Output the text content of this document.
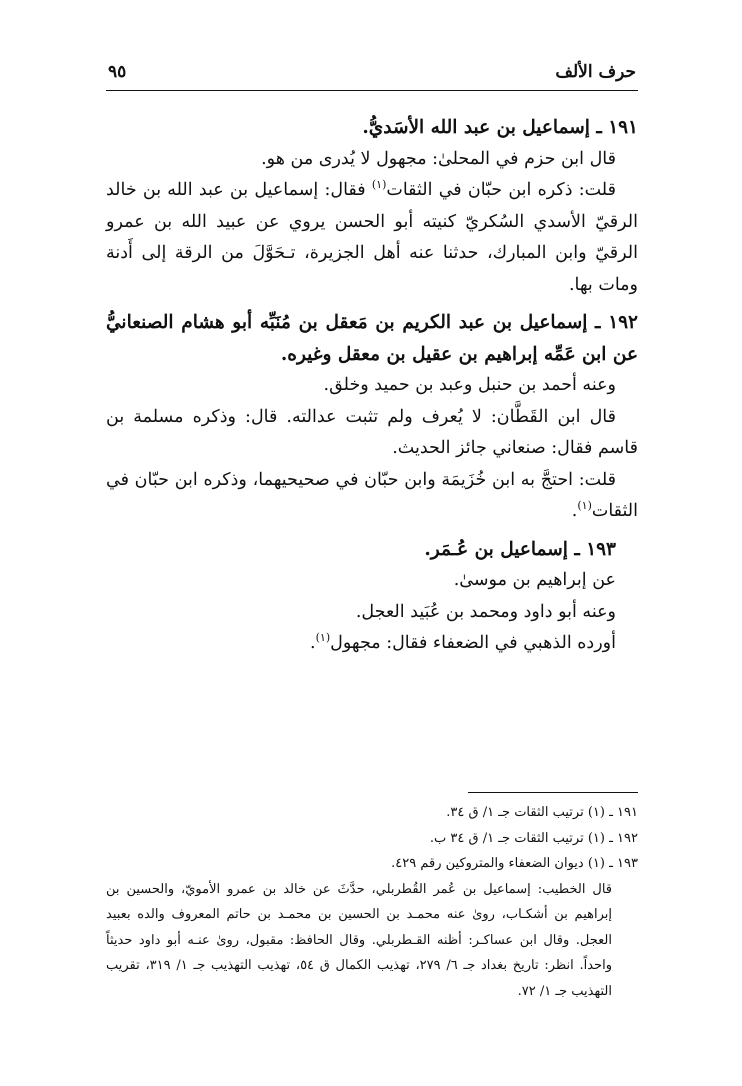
حرف الألف
٩٥

١٩١ ـ إسماعيل بن عبد الله الأسَديُّ.

قال ابن حزم في المحلىٰ: مجهول لا يُدرى من هو.

قلت: ذكره ابن حبّان في الثقات$^{(١)}$ فقال: إسماعيل بن عبد الله بن خالد الرقيّ الأسدي السُكريّ كنيته أبو الحسن يروي عن عبيد الله بن عمرو الرقيّ وابن المبارك، حدثنا عنه أهل الجزيرة، تـحَوَّلَ من الرقة إلى أَدنة ومات بها.

١٩٢ ـ إسماعيل بن عبد الكريم بن مَعقل بن مُنَبِّه أبو هشام الصنعانيُّ عن ابن عَمِّه إبراهيم بن عقيل بن معقل وغيره.

وعنه أحمد بن حنبل وعبد بن حميد وخلق.

قال ابن القَطَّان: لا يُعرف ولم تثبت عدالته. قال: وذكره مسلمة بن قاسم فقال: صنعاني جائز الحديث.

قلت: احتجَّ به ابن خُزَيمَة وابن حبّان في صحيحيهما، وذكره ابن حبّان في الثقات$^{(١)}$.

١٩٣ ـ إسماعيل بن عُـمَر.

عن إبراهيم بن موسىٰ.

وعنه أبو داود ومحمد بن عُبَيد العجل.

أورده الذهبي في الضعفاء فقال: مجهول$^{(١)}$.

١٩١ ـ (١) ترتيب الثقات جـ ١/ ق ٣٤.

١٩٢ ـ (١) ترتيب الثقات جـ ١/ ق ٣٤ ب.

١٩٣ ـ (١) ديوان الضعفاء والمتروكين رقم ٤٢٩.

قال الخطيب: إسماعيل بن عُمر القُطربلي، حدَّثَ عن خالد بن عمرو الأمويّ، والحسين بن إبراهيم بن أشكـاب، روىٰ عنه محمـد بن الحسين بن محمـد بن حاتم المعروف والده بعبيد العجل. وقال ابن عساكـر: أظنه القـطربلي. وقال الحافظ: مقبول، روىٰ عنـه أبو داود حديثاً واحداً. انظر: تاريخ بغداد جـ ٦/ ٢٧٩، تهذيب الكمال ق ٥٤، تهذيب التهذيب جـ ١/ ٣١٩، تقريب التهذيب جـ ١/ ٧٢.
